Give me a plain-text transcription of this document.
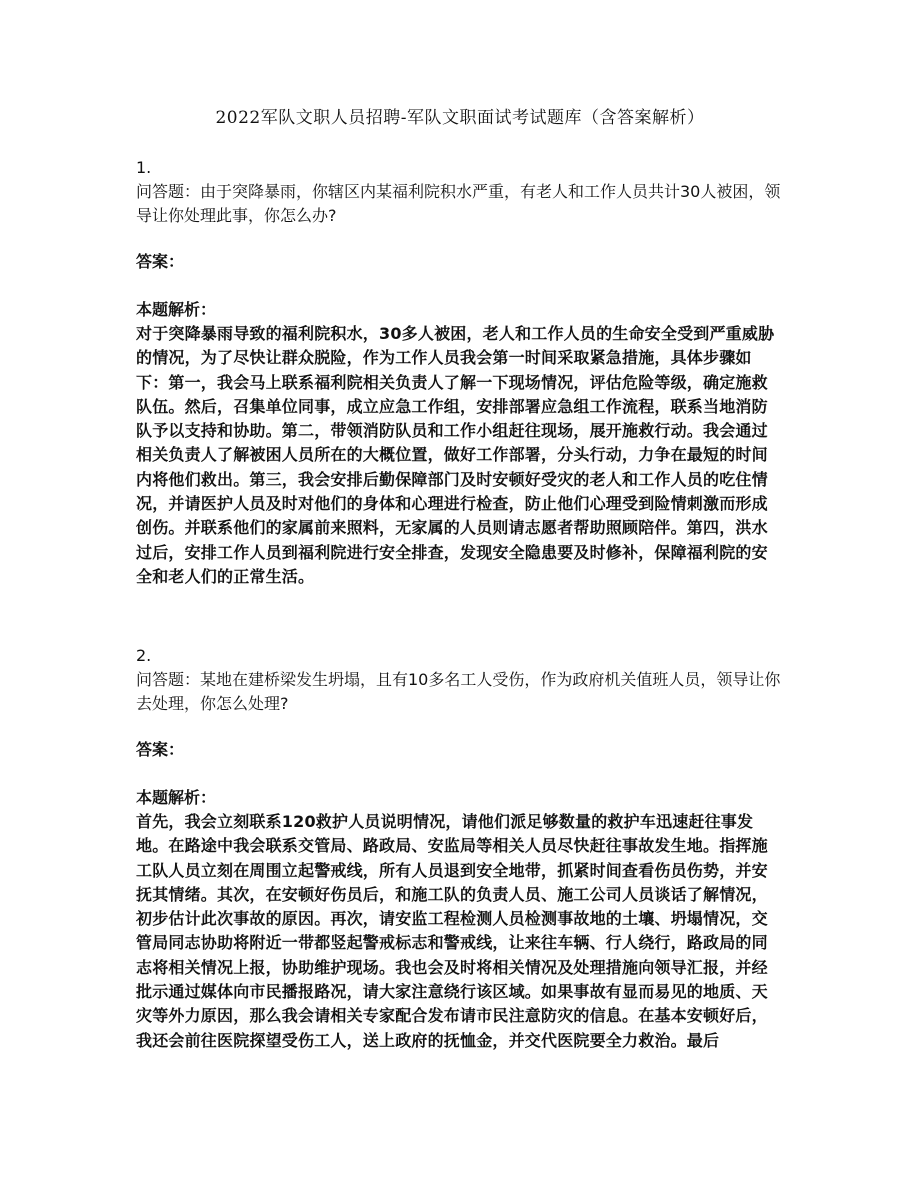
2022军队文职人员招聘-军队文职面试考试题库（含答案解析）
1.

问答题：由于突降暴雨，你辖区内某福利院积水严重，有老人和工作人员共计30人被困，领导让你处理此事，你怎么办?

答案：
本题解析：

对于突降暴雨导致的福利院积水，30多人被困，老人和工作人员的生命安全受到严重威胁的情况，为了尽快让群众脱险，作为工作人员我会第一时间采取紧急措施，具体步骤如下：第一，我会马上联系福利院相关负责人了解一下现场情况，评估危险等级，确定施救队伍。然后，召集单位同事，成立应急工作组，安排部署应急组工作流程，联系当地消防队予以支持和协助。第二，带领消防队员和工作小组赶往现场，展开施救行动。我会通过相关负责人了解被困人员所在的大概位置，做好工作部署，分头行动，力争在最短的时间内将他们救出。第三，我会安排后勤保障部门及时安顿好受灾的老人和工作人员的吃住情况，并请医护人员及时对他们的身体和心理进行检查，防止他们心理受到险情刺激而形成创伤。并联系他们的家属前来照料，无家属的人员则请志愿者帮助照顾陪伴。第四，洪水过后，安排工作人员到福利院进行安全排查，发现安全隐患要及时修补，保障福利院的安全和老人们的正常生活。

2.

问答题：某地在建桥梁发生坍塌，且有10多名工人受伤，作为政府机关值班人员，领导让你去处理，你怎么处理?

答案：
本题解析：

首先，我会立刻联系120救护人员说明情况，请他们派足够数量的救护车迅速赶往事发地。在路途中我会联系交管局、路政局、安监局等相关人员尽快赶往事故发生地。指挥施工队人员立刻在周围立起警戒线，所有人员退到安全地带，抓紧时间查看伤员伤势，并安抚其情绪。其次，在安顿好伤员后，和施工队的负责人员、施工公司人员谈话了解情况，初步估计此次事故的原因。再次，请安监工程检测人员检测事故地的土壤、坍塌情况，交管局同志协助将附近一带都竖起警戒标志和警戒线，让来往车辆、行人绕行，路政局的同志将相关情况上报，协助维护现场。我也会及时将相关情况及处理措施向领导汇报，并经批示通过媒体向市民播报路况，请大家注意绕行该区域。如果事故有显而易见的地质、天灾等外力原因，那么我会请相关专家配合发布请市民注意防灾的信息。在基本安顿好后，我还会前往医院探望受伤工人，送上政府的抚恤金，并交代医院要全力救治。最后
